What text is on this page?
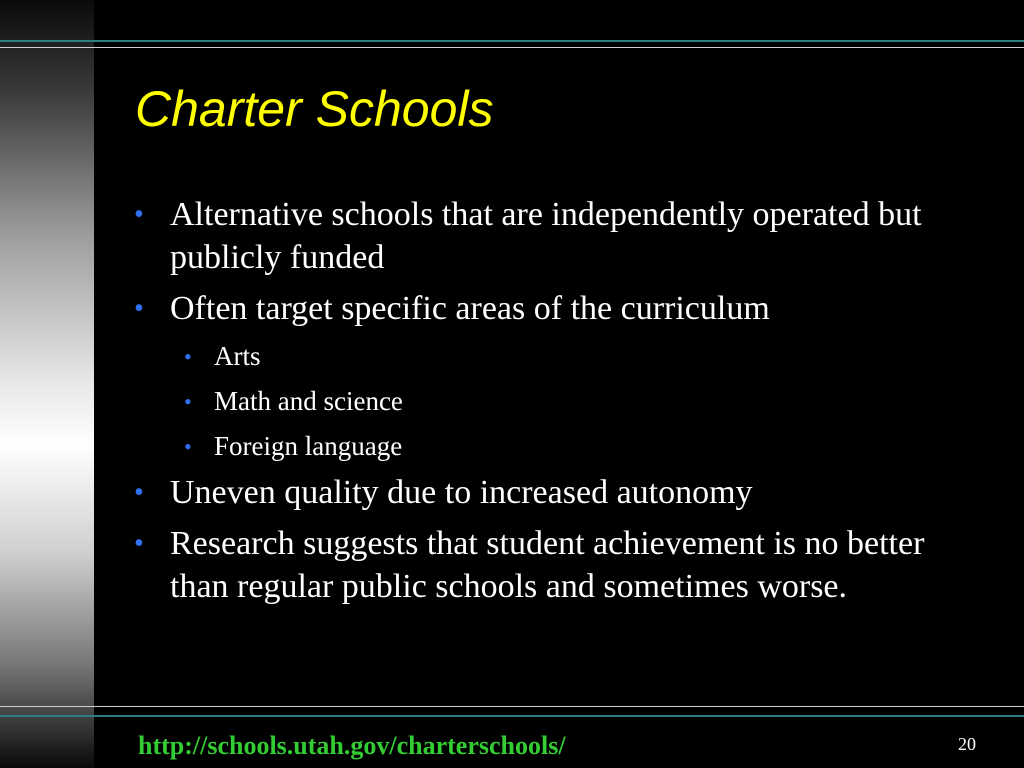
Charter Schools
• Alternative schools that are independently operated but publicly funded
• Often target specific areas of the curriculum
• Arts
• Math and science
• Foreign language
• Uneven quality due to increased autonomy
• Research suggests that student achievement is no better than regular public schools and sometimes worse.
http://schools.utah.gov/charterschools/	20
